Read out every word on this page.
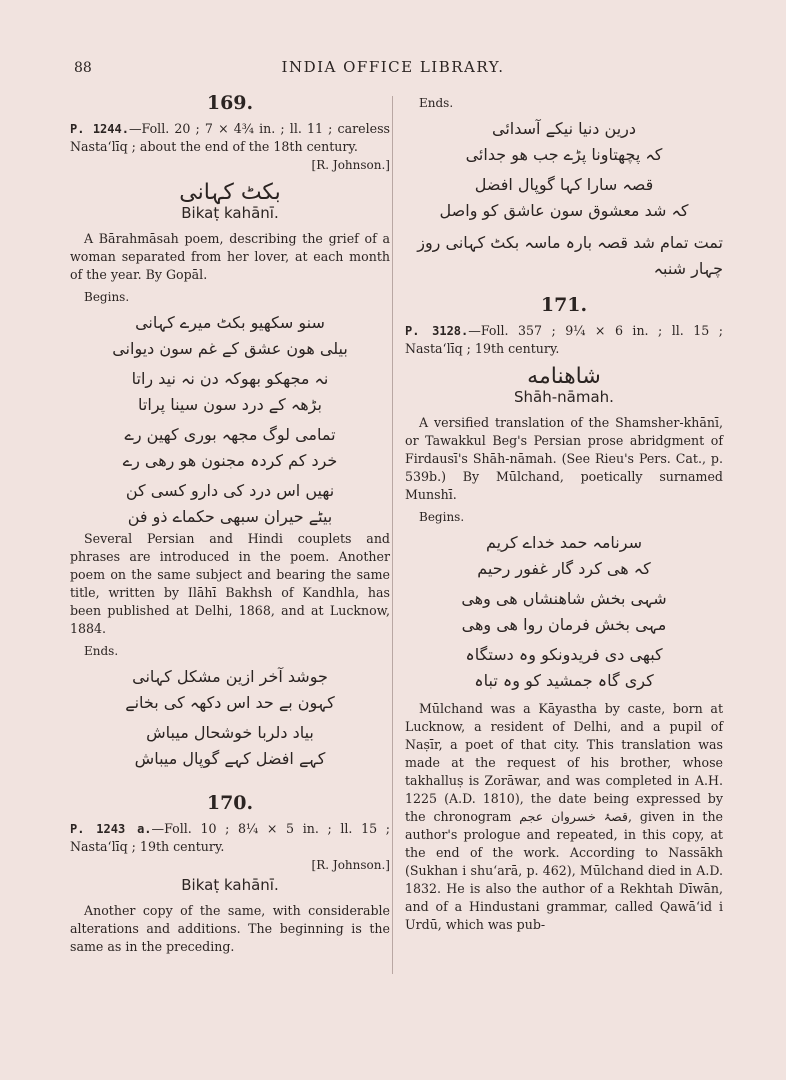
88	INDIA OFFICE LIBRARY.
169.

P. 1244.—Foll. 20 ; 7 × 4¾ in. ; ll. 11 ; careless Nastaʻlīq ; about the end of the 18th century.

[R. Johnson.]

بکٹ کہانی
Bikaṭ kahānī.

A Bārahmāsah poem, describing the grief of a woman separated from her lover, at each month of the year. By Gopāl.

Begins.

سنو سکهیو بکٹ میرے کہانی

بیلی هون عشق کے غم سون دیوانی

نہ مجهکو بهوکہ دن نہ نید راتا

بڑهہ کے درد سون سینا پراتا

تمامی لوگ مجهہ بوری کهین رے

خرد کم کردہ مجنون هو رهی رے

نهیں اس درد کی دارو کسی کن

بیٹے حیران سبهی حکماے ذو فن

Several Persian and Hindi couplets and phrases are introduced in the poem. Another poem on the same subject and bearing the same title, written by Ilāhī Bakhsh of Kandhla, has been published at Delhi, 1868, and at Lucknow, 1884.

Ends.

جوشد آخر ازین مشکل کہانی

کہون بے حد اس دکهہ کی بخانے

بیاد دلربا خوشحال میباش

کہے افضل کہے گوپال میباش

170.

P. 1243 a.—Foll. 10 ; 8¼ × 5 in. ; ll. 15 ; Nastaʻlīq ; 19th century.

[R. Johnson.]

Bikaṭ kahānī.

Another copy of the same, with considerable alterations and additions. The beginning is the same as in the preceding.

Ends.

درین دنیا نیکے آسدائی

کہ پچهتاونا پڑے جب هو جدائی

قصہ سارا کہا گوپال افضل

کہ شد معشوق سون عاشق کو واصل

تمت تمام شد قصہ بارہ ماسہ بکٹ کہانی روز چہار شنبہ

171.

P. 3128.—Foll. 357 ; 9¼ × 6 in. ; ll. 15 ; Nastaʻlīq ; 19th century.

شاهنامه
Shāh-nāmah.

A versified translation of the Shamsher-khānī, or Tawakkul Beg's Persian prose abridgment of Firdausī's Shāh-nāmah. (See Rieu's Pers. Cat., p. 539b.) By Mūlchand, poetically surnamed Munshī.

Begins.

سرنامہ حمد خداے کریم

کہ هی کرد گار غفور رحیم

شہی بخش شاهنشاں هی وهی

مہی بخش فرمان روا هی وهی

کبهی دی فریدونکو وہ دستگاہ

کری گاہ جمشید کو وہ تباہ

Mūlchand was a Kāyastha by caste, born at Lucknow, a resident of Delhi, and a pupil of Naṣīr, a poet of that city. This translation was made at the request of his brother, whose takhalluṣ is Zorāwar, and was completed in A.H. 1225 (A.D. 1810), the date being expressed by the chronogram قصۂ خسروان عجم, given in the author's prologue and repeated, in this copy, at the end of the work. According to Nassākh (Sukhan i shuʻarā, p. 462), Mūlchand died in A.D. 1832. He is also the author of a Rekhtah Dīwān, and of a Hindustani grammar, called Qawāʻid i Urdū, which was pub-
